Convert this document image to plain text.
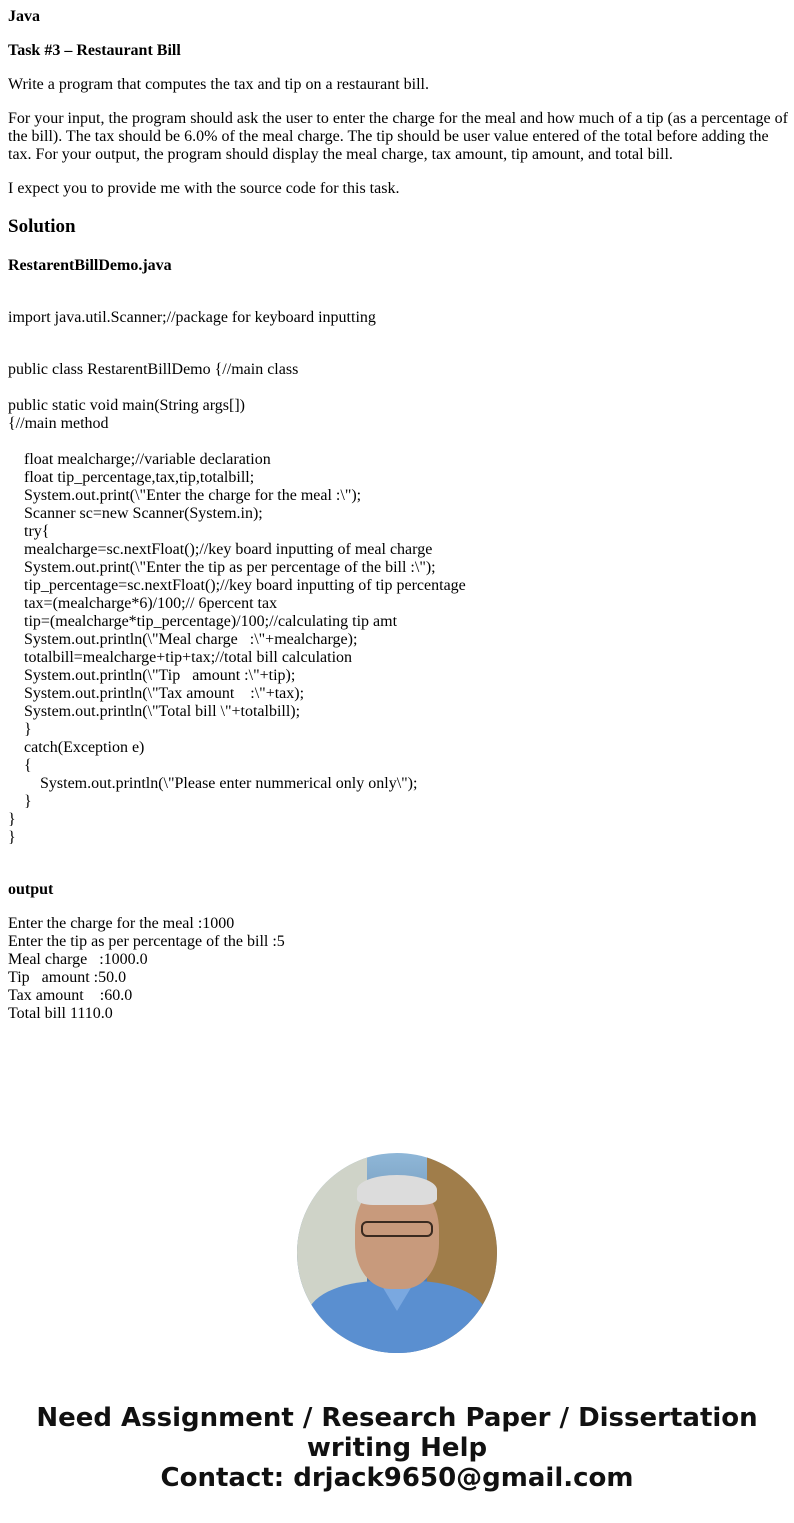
Java
Task #3 – Restaurant Bill
Write a program that computes the tax and tip on a restaurant bill.
For your input, the program should ask the user to enter the charge for the meal and how much of a tip (as a percentage of the bill). The tax should be 6.0% of the meal charge. The tip should be user value entered of the total before adding the tax. For your output, the program should display the meal charge, tax amount, tip amount, and total bill.
I expect you to provide me with the source code for this task.
Solution
RestarentBillDemo.java
import java.util.Scanner;//package for keyboard inputting
public class RestarentBillDemo {//main class
public static void main(String args[])
{//main method
float mealcharge;//variable declaration
float tip_percentage,tax,tip,totalbill;
System.out.print(\"Enter the charge for the meal :\");
Scanner sc=new Scanner(System.in);
try{
mealcharge=sc.nextFloat();//key board inputting of meal charge
System.out.print(\"Enter the tip as per percentage of the bill :\");
tip_percentage=sc.nextFloat();//key board inputting of tip percentage
tax=(mealcharge*6)/100;// 6percent tax
tip=(mealcharge*tip_percentage)/100;//calculating tip amt
System.out.println(\"Meal charge   :\"+mealcharge);
totalbill=mealcharge+tip+tax;//total bill calculation
System.out.println(\"Tip   amount :\"+tip);
System.out.println(\"Tax amount    :\"+tax);
System.out.println(\"Total bill \"+totalbill);
}
catch(Exception e)
{
System.out.println(\"Please enter nummerical only only\");
}
}
}
output
Enter the charge for the meal :1000
Enter the tip as per percentage of the bill :5
Meal charge   :1000.0
Tip   amount :50.0
Tax amount    :60.0
Total bill 1110.0
Need Assignment / Research Paper / Dissertation
writing Help
Contact: drjack9650@gmail.com
